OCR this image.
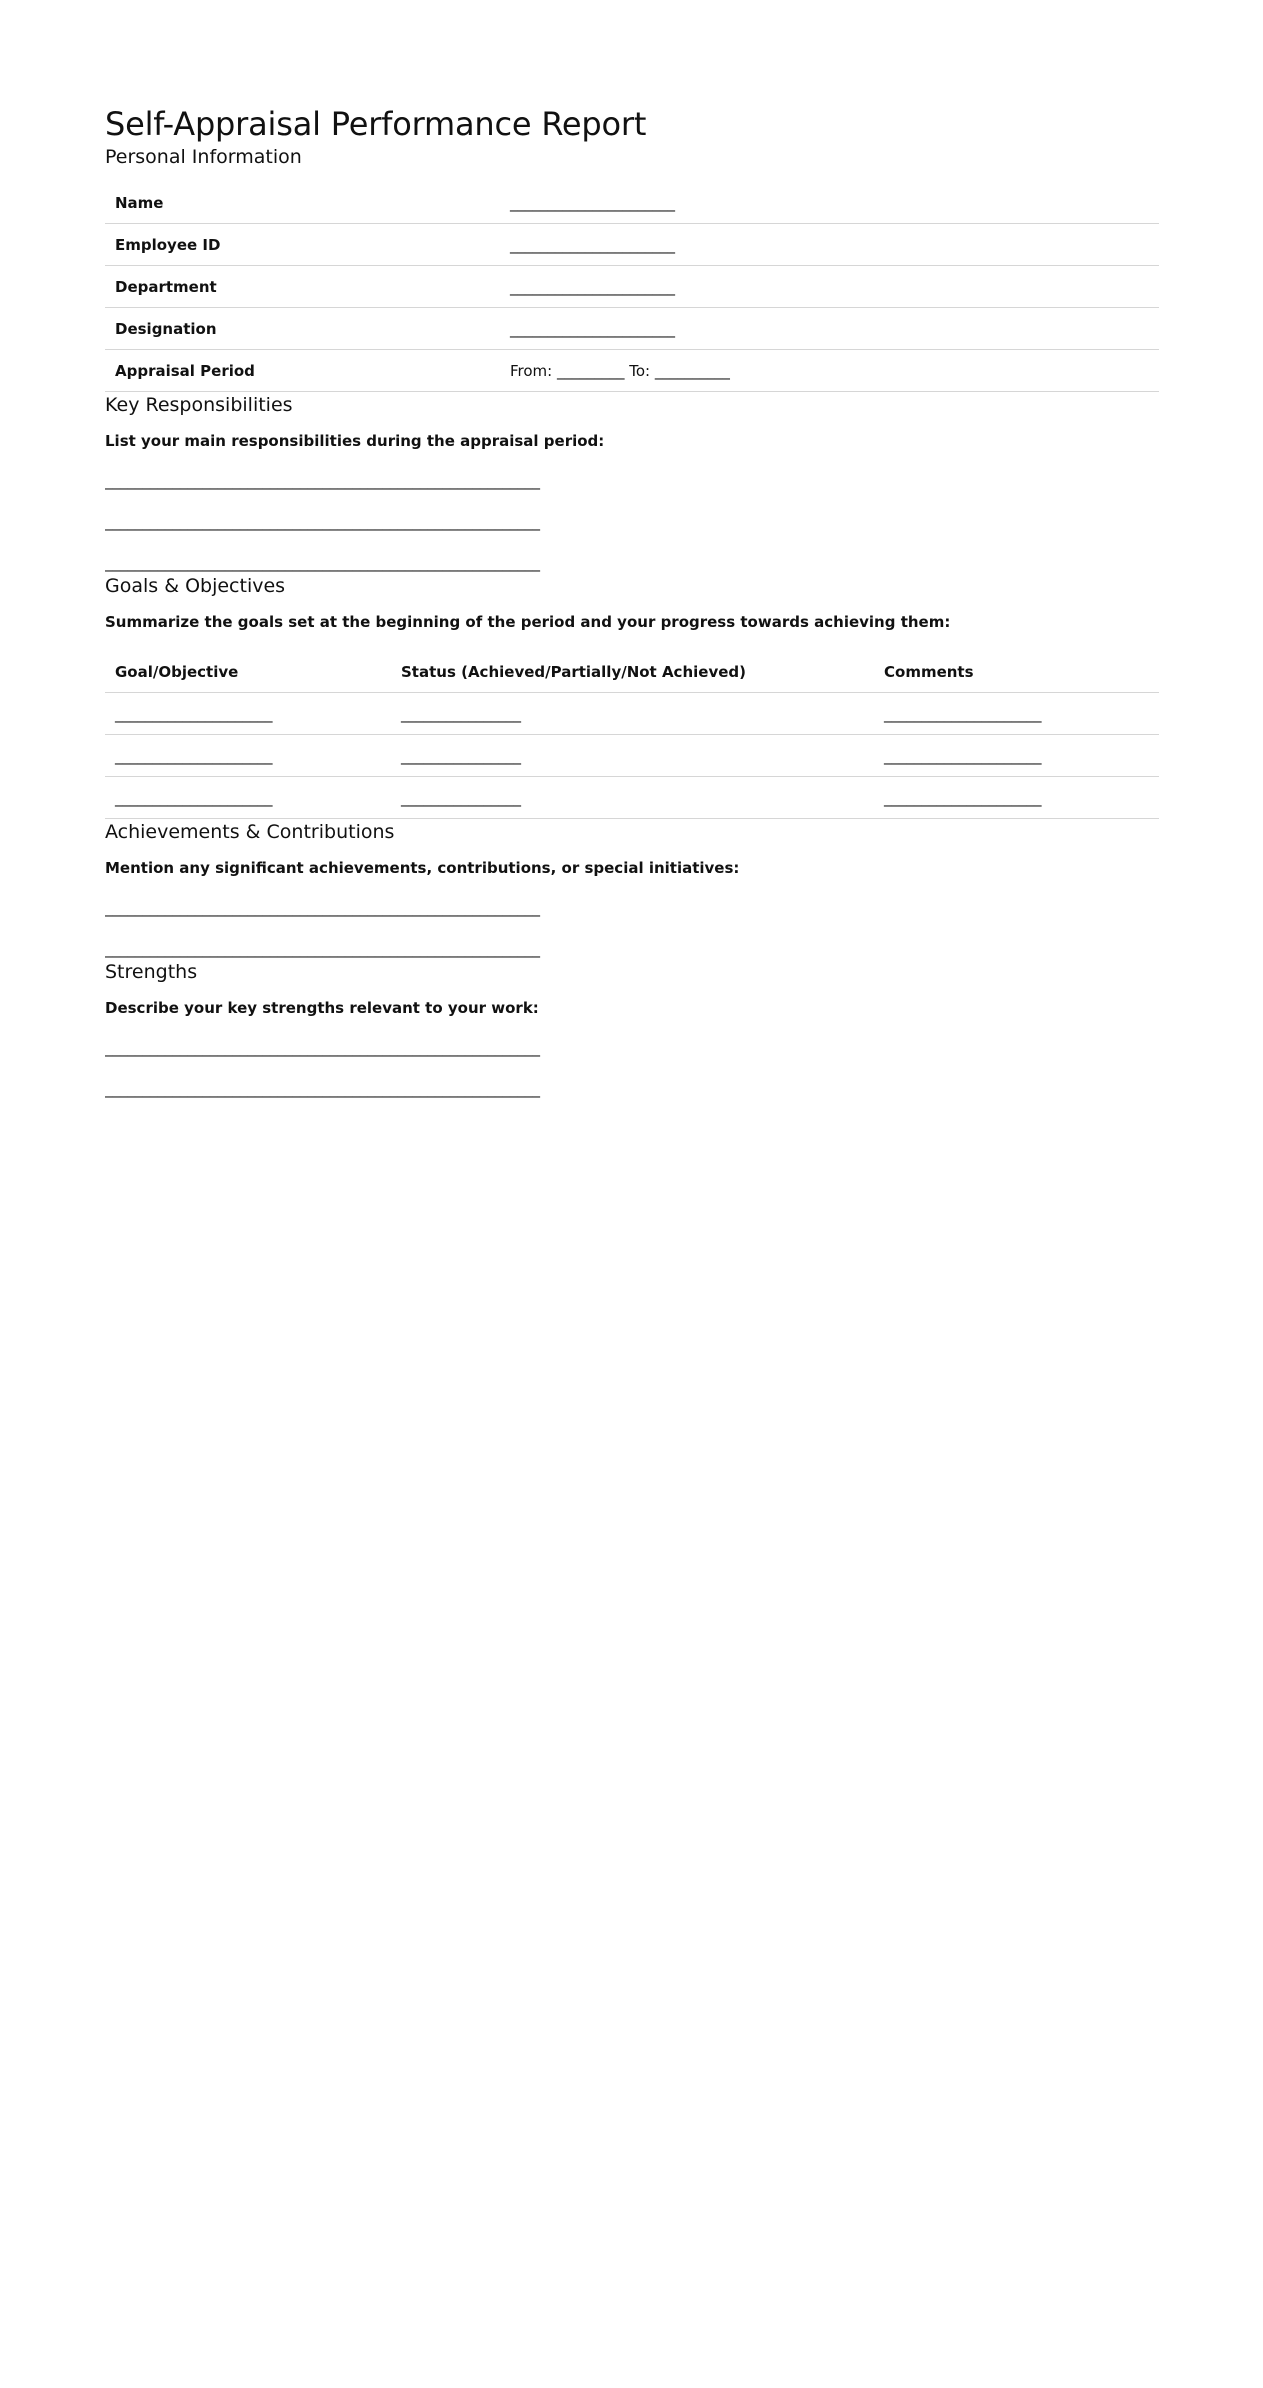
Self-Appraisal Performance Report
Personal Information
Name	______________________
Employee ID	______________________
Department	______________________
Designation	______________________
Appraisal Period	From: _________ To: __________
Key Responsibilities

List your main responsibilities during the appraisal period:

__________________________________________________________
__________________________________________________________
__________________________________________________________
Goals & Objectives

Summarize the goals set at the beginning of the period and your progress towards achieving them:

Goal/Objective	Status (Achieved/Partially/Not Achieved)	Comments
_____________________	________________	_____________________
_____________________	________________	_____________________
_____________________	________________	_____________________
Achievements & Contributions

Mention any significant achievements, contributions, or special initiatives:

__________________________________________________________
__________________________________________________________
Strengths

Describe your key strengths relevant to your work:

__________________________________________________________
__________________________________________________________
